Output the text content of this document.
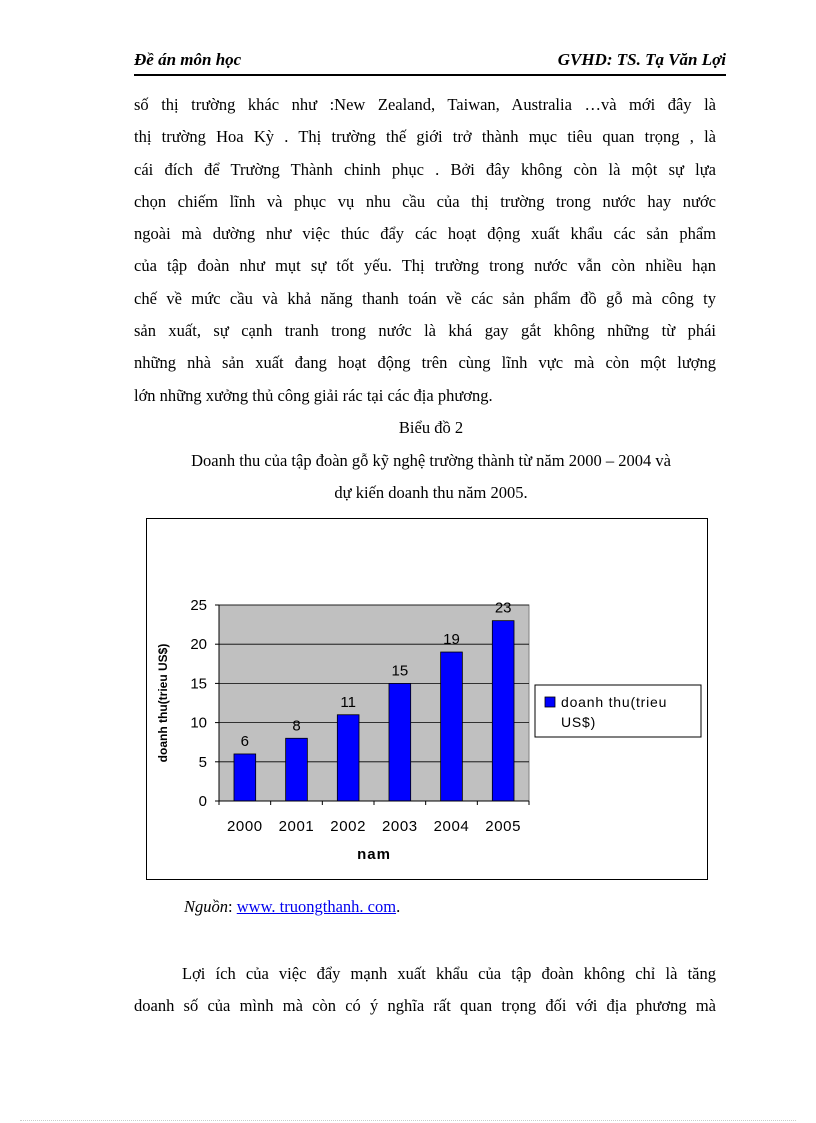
Đề án môn học	GVHD: TS. Tạ Văn Lợi
số thị trường khác như :New Zealand, Taiwan, Australia …và mới đây là
thị trường Hoa Kỳ . Thị trường thế giới trở thành mục tiêu quan trọng , là
cái đích để Trường Thành chinh phục . Bởi đây không còn là một sự lựa
chọn chiếm lĩnh và phục vụ nhu cầu của thị trường trong nước hay nước
ngoài mà dường như việc thúc đẩy các hoạt động xuất khẩu các sản phẩm
của tập đoàn như mụt sự tốt yếu. Thị trường trong nước vẫn còn nhiều hạn
chế về mức cầu và khả năng thanh toán về các sản phẩm đồ gỗ mà công ty
sản xuất, sự cạnh tranh trong nước là khá gay gắt không những từ phái
những nhà sản xuất đang hoạt động trên cùng lĩnh vực mà còn một lượng
lớn những xưởng thủ công giải rác tại các địa phương.
Biểu đồ 2
Doanh thu của tập đoàn gỗ kỹ nghệ trường thành từ năm 2000 – 2004 và
dự kiến doanh thu năm 2005.
6
8
11
15
19
23
0
5
10
15
20
25
2000 2001 2002 2003 2004 2005
doanh thu(trieu US$)
nam
doanh thu(trieu
US$)
Nguồn: www. truongthanh. com.
Lợi ích của việc đẩy mạnh xuất khẩu của tập đoàn không chỉ là tăng
doanh số của mình mà còn có ý nghĩa rất quan trọng đối với địa phương mà
